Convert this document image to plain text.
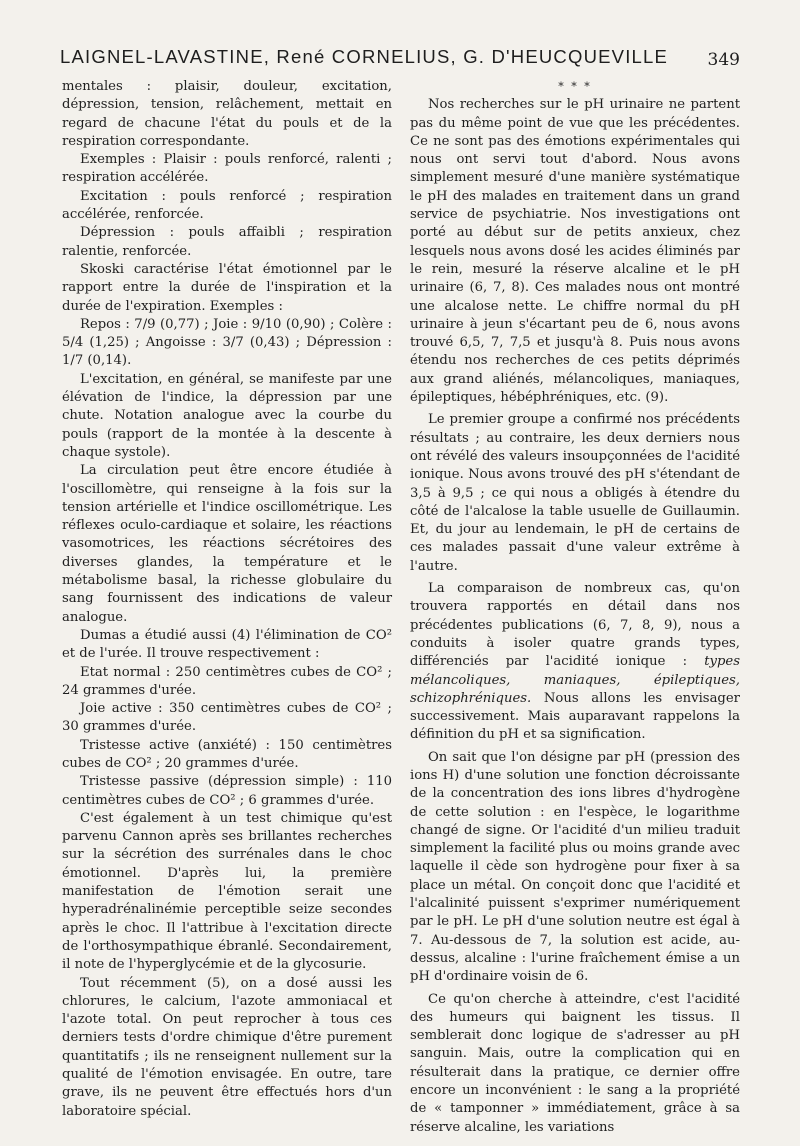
LAIGNEL-LAVASTINE, René CORNELIUS, G. D'HEUCQUEVILLE 349

mentales : plaisir, douleur, excitation, dépression, tension, relâchement, mettait en regard de chacune l'état du pouls et de la respiration correspondante.

Exemples : Plaisir : pouls renforcé, ralenti ; respiration accélérée.

Excitation : pouls renforcé ; respiration accélérée, renforcée.

Dépression : pouls affaibli ; respiration ralentie, renforcée.

Skoski caractérise l'état émotionnel par le rapport entre la durée de l'inspiration et la durée de l'expiration. Exemples :

Repos : 7/9 (0,77) ; Joie : 9/10 (0,90) ; Colère : 5/4 (1,25) ; Angoisse : 3/7 (0,43) ; Dépression : 1/7 (0,14).

L'excitation, en général, se manifeste par une élévation de l'indice, la dépression par une chute. Notation analogue avec la courbe du pouls (rapport de la montée à la descente à chaque systole).

La circulation peut être encore étudiée à l'oscillomètre, qui renseigne à la fois sur la tension artérielle et l'indice oscillométrique. Les réflexes oculo-cardiaque et solaire, les réactions vasomotrices, les réactions sécrétoires des diverses glandes, la température et le métabolisme basal, la richesse globulaire du sang fournissent des indications de valeur analogue.

Dumas a étudié aussi (4) l'élimination de CO² et de l'urée. Il trouve respectivement :

Etat normal : 250 centimètres cubes de CO² ; 24 grammes d'urée.

Joie active : 350 centimètres cubes de CO² ; 30 grammes d'urée.

Tristesse active (anxiété) : 150 centimètres cubes de CO² ; 20 grammes d'urée.

Tristesse passive (dépression simple) : 110 centimètres cubes de CO² ; 6 grammes d'urée.

C'est également à un test chimique qu'est parvenu Cannon après ses brillantes recherches sur la sécrétion des surrénales dans le choc émotionnel. D'après lui, la première manifestation de l'émotion serait une hyperadrénalinémie perceptible seize secondes après le choc. Il l'attribue à l'excitation directe de l'orthosympathique ébranlé. Secondairement, il note de l'hyperglycémie et de la glycosurie.

Tout récemment (5), on a dosé aussi les chlorures, le calcium, l'azote ammoniacal et l'azote total. On peut reprocher à tous ces derniers tests d'ordre chimique d'être purement quantitatifs ; ils ne renseignent nullement sur la qualité de l'émotion envisagée. En outre, tare grave, ils ne peuvent être effectués hors d'un laboratoire spécial.

* * *

Nos recherches sur le pH urinaire ne partent pas du même point de vue que les précédentes. Ce ne sont pas des émotions expérimentales qui nous ont servi tout d'abord. Nous avons simplement mesuré d'une manière systématique le pH des malades en traitement dans un grand service de psychiatrie. Nos investigations ont porté au début sur de petits anxieux, chez lesquels nous avons dosé les acides éliminés par le rein, mesuré la réserve alcaline et le pH urinaire (6, 7, 8). Ces malades nous ont montré une alcalose nette. Le chiffre normal du pH urinaire à jeun s'écartant peu de 6, nous avons trouvé 6,5, 7, 7,5 et jusqu'à 8. Puis nous avons étendu nos recherches de ces petits déprimés aux grand aliénés, mélancoliques, maniaques, épileptiques, hébéphréniques, etc. (9).

Le premier groupe a confirmé nos précédents résultats ; au contraire, les deux derniers nous ont révélé des valeurs insoupçonnées de l'acidité ionique. Nous avons trouvé des pH s'étendant de 3,5 à 9,5 ; ce qui nous a obligés à étendre du côté de l'alcalose la table usuelle de Guillaumin. Et, du jour au lendemain, le pH de certains de ces malades passait d'une valeur extrême à l'autre.

La comparaison de nombreux cas, qu'on trouvera rapportés en détail dans nos précédentes publications (6, 7, 8, 9), nous a conduits à isoler quatre grands types, différenciés par l'acidité ionique : types mélancoliques, maniaques, épileptiques, schizophréniques. Nous allons les envisager successivement. Mais auparavant rappelons la définition du pH et sa signification.

On sait que l'on désigne par pH (pression des ions H) d'une solution une fonction décroissante de la concentration des ions libres d'hydrogène de cette solution : en l'espèce, le logarithme changé de signe. Or l'acidité d'un milieu traduit simplement la facilité plus ou moins grande avec laquelle il cède son hydrogène pour fixer à sa place un métal. On conçoit donc que l'acidité et l'alcalinité puissent s'exprimer numériquement par le pH. Le pH d'une solution neutre est égal à 7. Au-dessous de 7, la solution est acide, au-dessus, alcaline : l'urine fraîchement émise a un pH d'ordinaire voisin de 6.

Ce qu'on cherche à atteindre, c'est l'acidité des humeurs qui baignent les tissus. Il semblerait donc logique de s'adresser au pH sanguin. Mais, outre la complication qui en résulterait dans la pratique, ce dernier offre encore un inconvénient : le sang a la propriété de « tamponner » immédiatement, grâce à sa réserve alcaline, les variations
